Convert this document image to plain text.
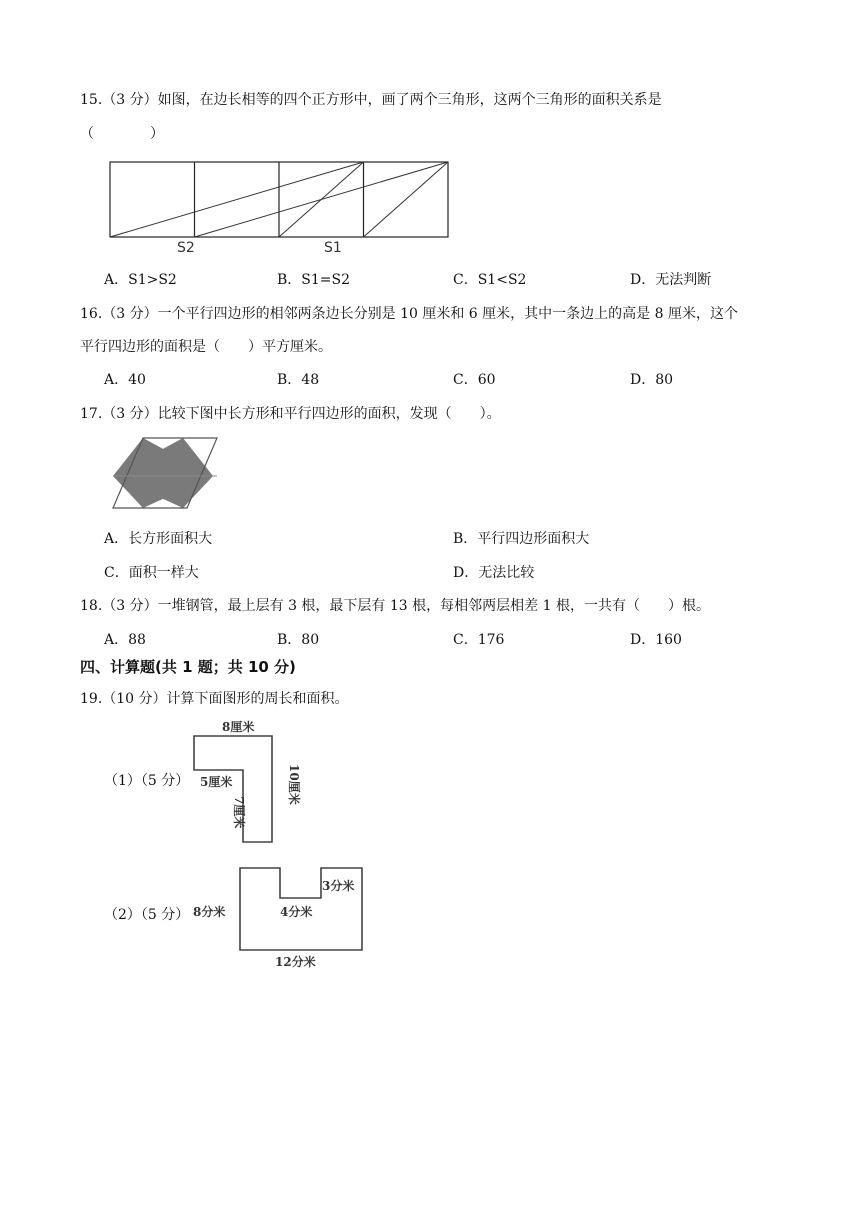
15.（3 分）如图，在边长相等的四个正方形中，画了两个三角形，这两个三角形的面积关系是
（　　　　）
S2	S1
A．S1>S2	B．S1=S2	C．S1<S2	D．无法判断
16.（3 分）一个平行四边形的相邻两条边长分别是 10 厘米和 6 厘米，其中一条边上的高是 8 厘米，这个
平行四边形的面积是（　　）平方厘米。
A．40	B．48	C．60	D．80
17.（3 分）比较下图中长方形和平行四边形的面积，发现（　　）。
A．长方形面积大	B．平行四边形面积大
C．面积一样大	D．无法比较
18.（3 分）一堆钢管，最上层有 3 根，最下层有 13 根，每相邻两层相差 1 根，一共有（　　）根。
A．88	B．80	C．176	D．160
四、计算题(共 1 题；共 10 分)
19.（10 分）计算下面图形的周长和面积。
（1）（5 分）
8厘米
5厘米	10厘米
7厘米
（2）（5 分） 8分米	4分米
3分米
12分米
